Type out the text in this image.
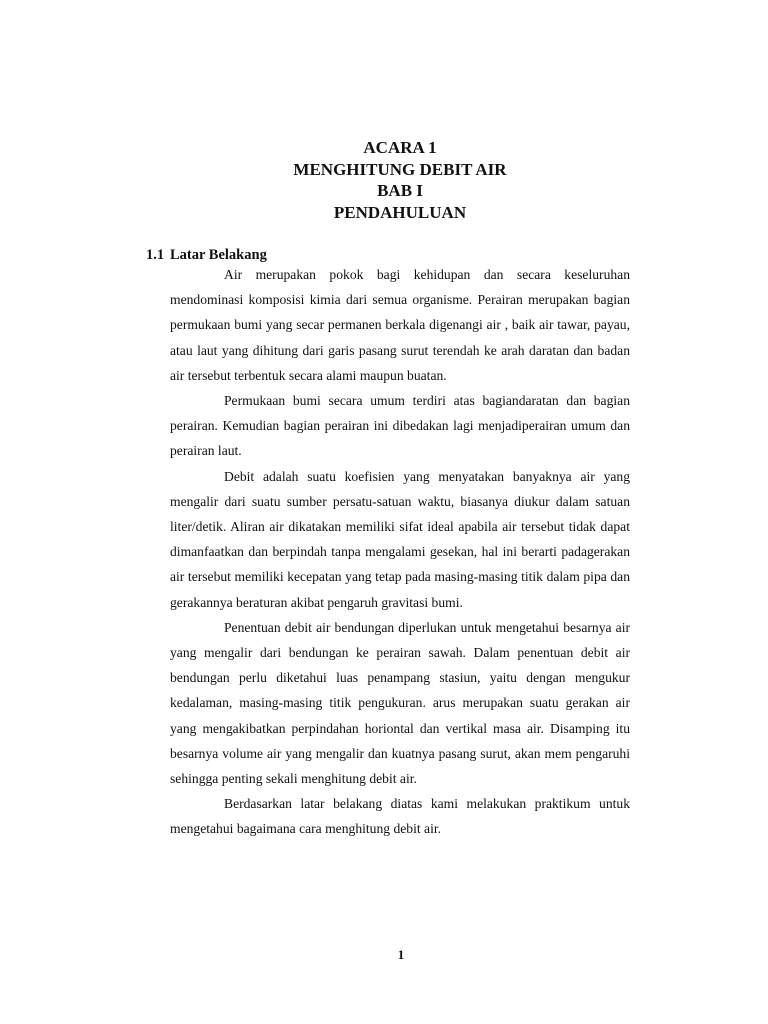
ACARA 1
MENGHITUNG DEBIT AIR
BAB I
PENDAHULUAN
1.1 Latar Belakang

Air merupakan pokok bagi kehidupan dan secara keseluruhan mendominasi komposisi kimia dari semua organisme. Perairan merupakan bagian permukaan bumi yang secar permanen berkala digenangi air , baik air tawar, payau, atau laut yang dihitung dari garis pasang surut terendah ke arah daratan dan badan air tersebut terbentuk secara alami maupun buatan.

Permukaan bumi secara umum terdiri atas bagiandaratan dan bagian perairan. Kemudian bagian perairan ini dibedakan lagi menjadiperairan umum dan perairan laut.

Debit adalah suatu koefisien yang menyatakan banyaknya air yang mengalir dari suatu sumber persatu-satuan waktu, biasanya diukur dalam satuan liter/detik. Aliran air dikatakan memiliki sifat ideal apabila air tersebut tidak dapat dimanfaatkan dan berpindah tanpa mengalami gesekan, hal ini berarti padagerakan air tersebut memiliki kecepatan yang tetap pada masing-masing titik dalam pipa dan gerakannya beraturan akibat pengaruh gravitasi bumi.

Penentuan debit air bendungan diperlukan untuk mengetahui besarnya air yang mengalir dari bendungan ke perairan sawah. Dalam penentuan debit air bendungan perlu diketahui luas penampang stasiun, yaitu dengan mengukur kedalaman, masing-masing titik pengukuran. arus merupakan suatu gerakan air yang mengakibatkan perpindahan horiontal dan vertikal masa air. Disamping itu besarnya volume air yang mengalir dan kuatnya pasang surut, akan mem pengaruhi sehingga penting sekali menghitung debit air.

Berdasarkan latar belakang diatas kami melakukan praktikum untuk mengetahui bagaimana cara menghitung debit air.

1
